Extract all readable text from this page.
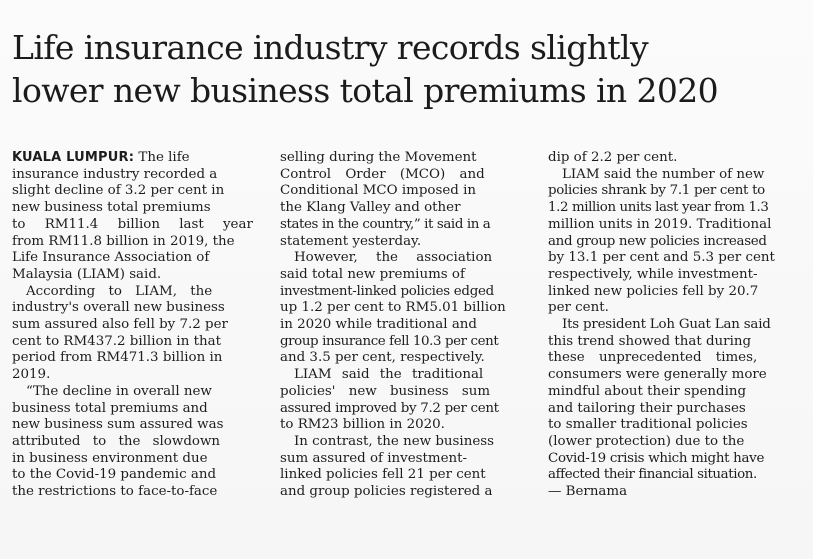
Life insurance industry records slightly
lower new business total premiums in 2020
KUALA LUMPUR: The life
insurance industry recorded a
slight decline of 3.2 per cent in
new business total premiums
to RM11.4 billion last year
from RM11.8 billion in 2019, the
Life Insurance Association of
Malaysia (LIAM) said.
According to LIAM, the
industry's overall new business
sum assured also fell by 7.2 per
cent to RM437.2 billion in that
period from RM471.3 billion in
2019.
“The decline in overall new
business total premiums and
new business sum assured was
attributed to the slowdown
in business environment due
to the Covid-19 pandemic and
the restrictions to face-to-face
selling during the Movement
Control Order (MCO) and
Conditional MCO imposed in
the Klang Valley and other
states in the country,” it said in a
statement yesterday.
However, the association
said total new premiums of
investment-linked policies edged
up 1.2 per cent to RM5.01 billion
in 2020 while traditional and
group insurance fell 10.3 per cent
and 3.5 per cent, respectively.
LIAM said the traditional
policies' new business sum
assured improved by 7.2 per cent
to RM23 billion in 2020.
In contrast, the new business
sum assured of investment-
linked policies fell 21 per cent
and group policies registered a
dip of 2.2 per cent.
LIAM said the number of new
policies shrank by 7.1 per cent to
1.2 million units last year from 1.3
million units in 2019. Traditional
and group new policies increased
by 13.1 per cent and 5.3 per cent
respectively, while investment-
linked new policies fell by 20.7
per cent.
Its president Loh Guat Lan said
this trend showed that during
these unprecedented times,
consumers were generally more
mindful about their spending
and tailoring their purchases
to smaller traditional policies
(lower protection) due to the
Covid-19 crisis which might have
affected their financial situation.
— Bernama
